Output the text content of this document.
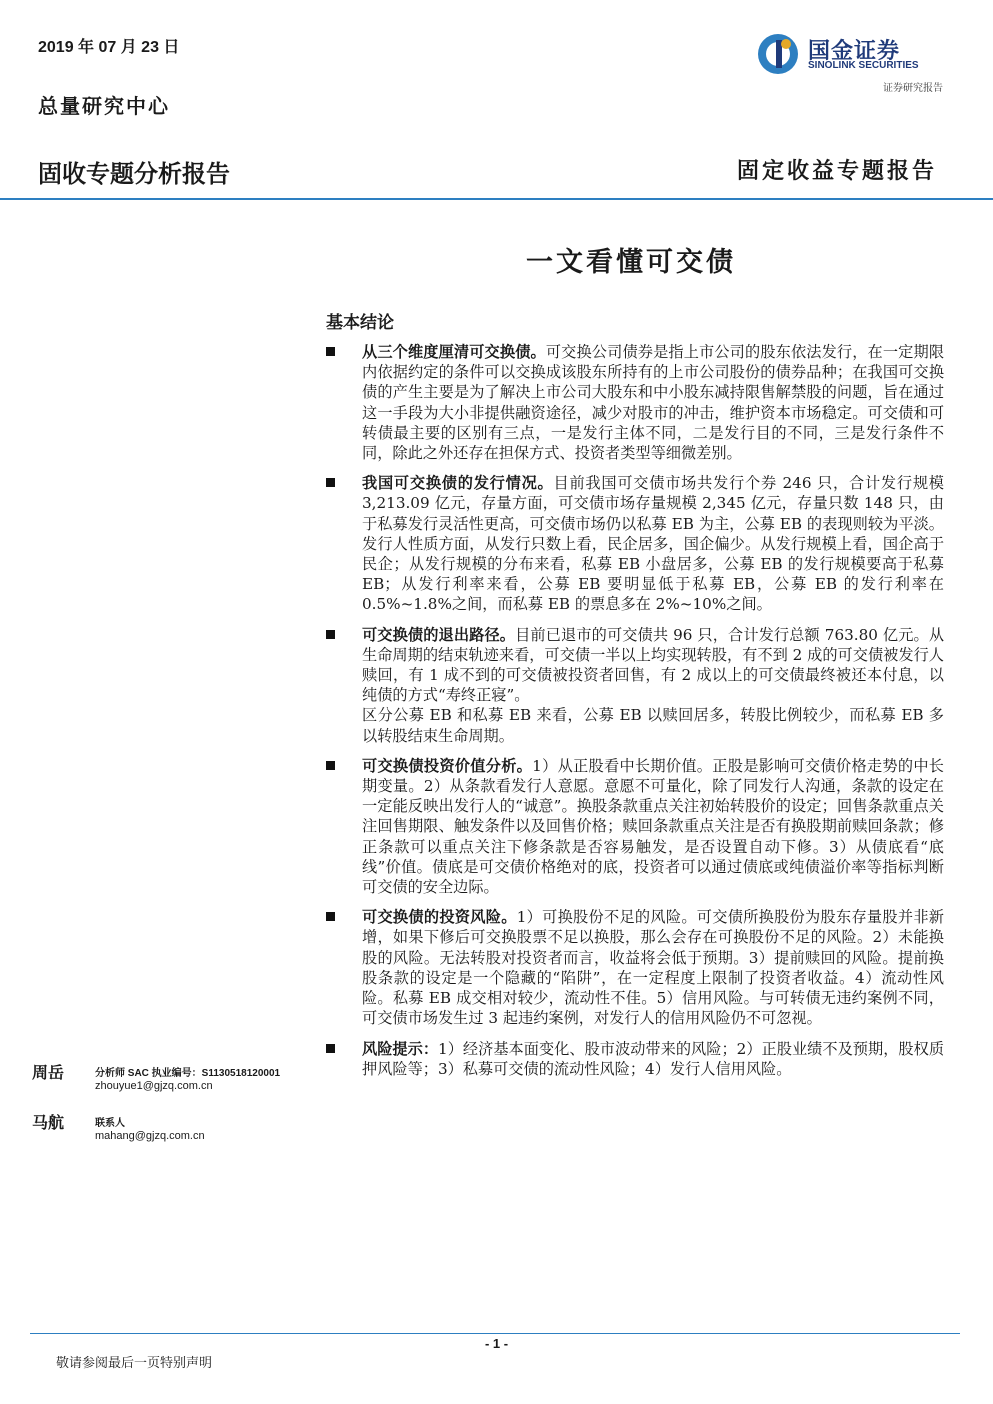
2019 年 07 月 23 日
总量研究中心
固收专题分析报告	固定收益专题报告
国金证券
SINOLINK SECURITIES
证券研究报告
一文看懂可交债
基本结论

从三个维度厘清可交换债。可交换公司债券是指上市公司的股东依法发行，在一定期限内依据约定的条件可以交换成该股东所持有的上市公司股份的债券品种；在我国可交换债的产生主要是为了解决上市公司大股东和中小股东减持限售解禁股的问题，旨在通过这一手段为大小非提供融资途径，减少对股市的冲击，维护资本市场稳定。可交债和可转债最主要的区别有三点，一是发行主体不同，二是发行目的不同，三是发行条件不同，除此之外还存在担保方式、投资者类型等细微差别。

我国可交换债的发行情况。目前我国可交债市场共发行个券 246 只，合计发行规模 3,213.09 亿元，存量方面，可交债市场存量规模 2,345 亿元，存量只数 148 只，由于私募发行灵活性更高，可交债市场仍以私募 EB 为主，公募 EB 的表现则较为平淡。发行人性质方面，从发行只数上看，民企居多，国企偏少。从发行规模上看，国企高于民企；从发行规模的分布来看，私募 EB 小盘居多，公募 EB 的发行规模要高于私募 EB；从发行利率来看，公募 EB 要明显低于私募 EB，公募 EB 的发行利率在 0.5%~1.8%之间，而私募 EB 的票息多在 2%~10%之间。

可交换债的退出路径。目前已退市的可交债共 96 只，合计发行总额 763.80 亿元。从生命周期的结束轨迹来看，可交债一半以上均实现转股，有不到 2 成的可交债被发行人赎回，有 1 成不到的可交债被投资者回售，有 2 成以上的可交债最终被还本付息，以纯债的方式“寿终正寝”。

区分公募 EB 和私募 EB 来看，公募 EB 以赎回居多，转股比例较少，而私募 EB 多以转股结束生命周期。

可交换债投资价值分析。1）从正股看中长期价值。正股是影响可交债价格走势的中长期变量。2）从条款看发行人意愿。意愿不可量化，除了同发行人沟通，条款的设定在一定能反映出发行人的“诚意”。换股条款重点关注初始转股价的设定；回售条款重点关注回售期限、触发条件以及回售价格；赎回条款重点关注是否有换股期前赎回条款；修正条款可以重点关注下修条款是否容易触发，是否设置自动下修。3）从债底看“底线”价值。债底是可交债价格绝对的底，投资者可以通过债底或纯债溢价率等指标判断可交债的安全边际。

可交换债的投资风险。1）可换股份不足的风险。可交债所换股份为股东存量股并非新增，如果下修后可交换股票不足以换股，那么会存在可换股份不足的风险。2）未能换股的风险。无法转股对投资者而言，收益将会低于预期。3）提前赎回的风险。提前换股条款的设定是一个隐藏的“陷阱”，在一定程度上限制了投资者收益。4）流动性风险。私募 EB 成交相对较少，流动性不佳。5）信用风险。与可转债无违约案例不同，可交债市场发生过 3 起违约案例，对发行人的信用风险仍不可忽视。

风险提示：1）经济基本面变化、股市波动带来的风险；2）正股业绩不及预期，股权质押风险等；3）私募可交债的流动性风险；4）发行人信用风险。

周岳	分析师 SAC 执业编号：S1130518120001
zhouyue1@gjzq.com.cn
马航	联系人
mahang@gjzq.com.cn
- 1 -
敬请参阅最后一页特别声明
